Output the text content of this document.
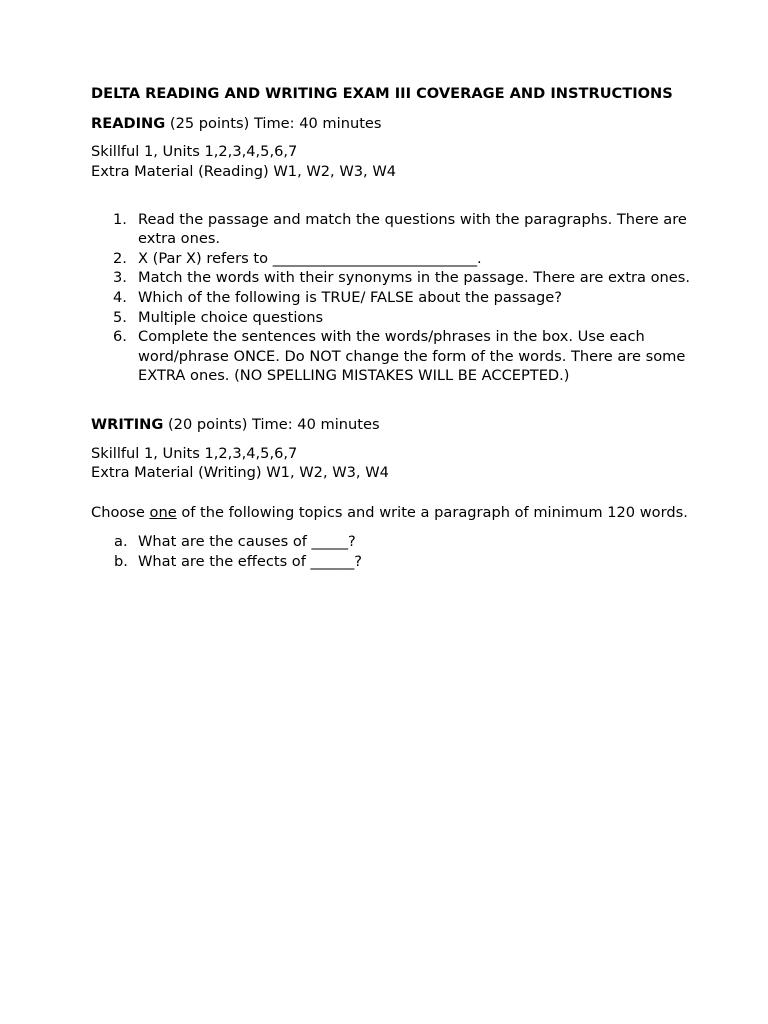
DELTA READING AND WRITING EXAM III COVERAGE AND INSTRUCTIONS

READING (25 points) Time: 40 minutes

Skillful 1, Units 1,2,3,4,5,6,7

Extra Material (Reading) W1, W2, W3, W4

1. Read the passage and match the questions with the paragraphs. There are extra ones.
2. X (Par X) refers to ____________________________.
3. Match the words with their synonyms in the passage. There are extra ones.
4. Which of the following is TRUE/ FALSE about the passage?
5. Multiple choice questions
6. Complete the sentences with the words/phrases in the box. Use each word/phrase ONCE. Do NOT change the form of the words. There are some EXTRA ones. (NO SPELLING MISTAKES WILL BE ACCEPTED.)

WRITING (20 points) Time: 40 minutes

Skillful 1, Units 1,2,3,4,5,6,7

Extra Material (Writing) W1, W2, W3, W4

Choose one of the following topics and write a paragraph of minimum 120 words.

a. What are the causes of _____?
b. What are the effects of ______?
